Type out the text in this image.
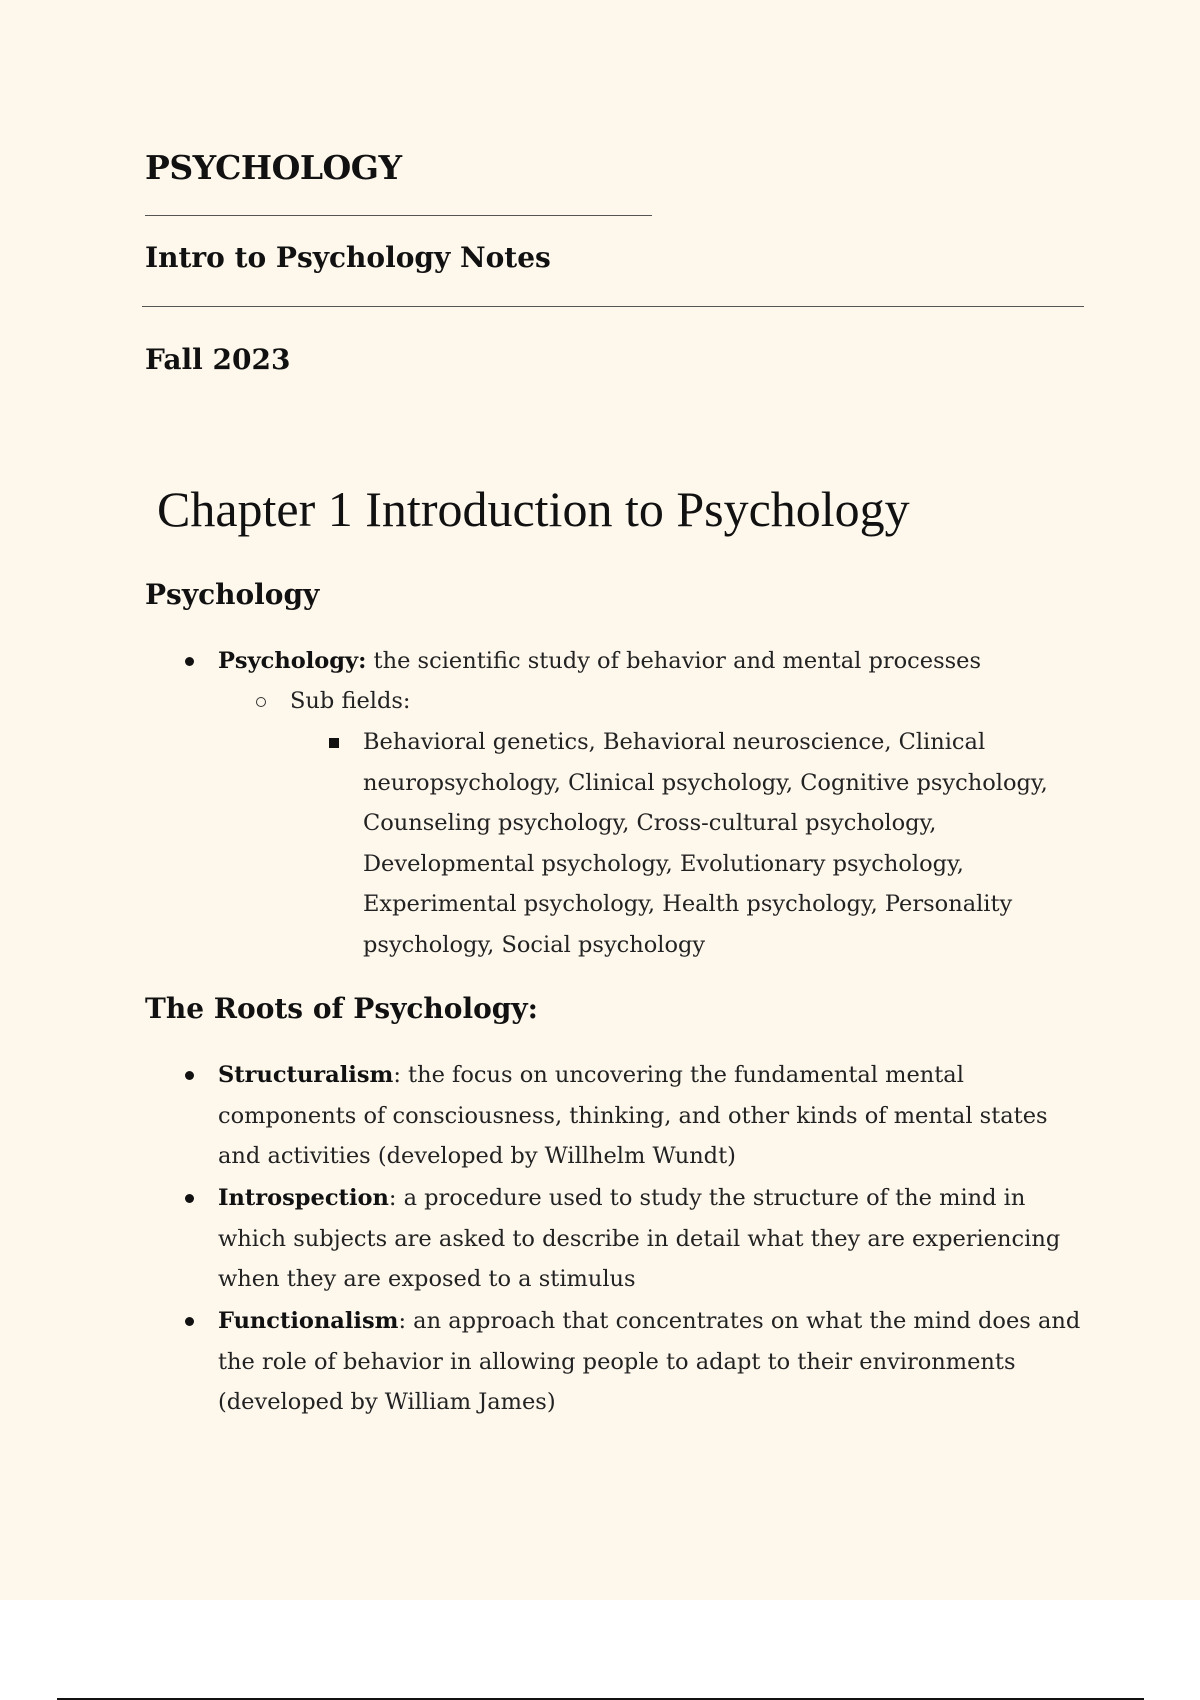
PSYCHOLOGY
Intro to Psychology Notes
Fall 2023
Chapter 1 Introduction to Psychology
Psychology
Psychology: the scientific study of behavior and mental processes
Sub fields:
Behavioral genetics, Behavioral neuroscience, Clinical
neuropsychology, Clinical psychology, Cognitive psychology,
Counseling psychology, Cross-cultural psychology,
Developmental psychology, Evolutionary psychology,
Experimental psychology, Health psychology, Personality
psychology, Social psychology
The Roots of Psychology:
Structuralism: the focus on uncovering the fundamental mental
components of consciousness, thinking, and other kinds of mental states
and activities (developed by Willhelm Wundt)
Introspection: a procedure used to study the structure of the mind in
which subjects are asked to describe in detail what they are experiencing
when they are exposed to a stimulus
Functionalism: an approach that concentrates on what the mind does and
the role of behavior in allowing people to adapt to their environments
(developed by William James)
